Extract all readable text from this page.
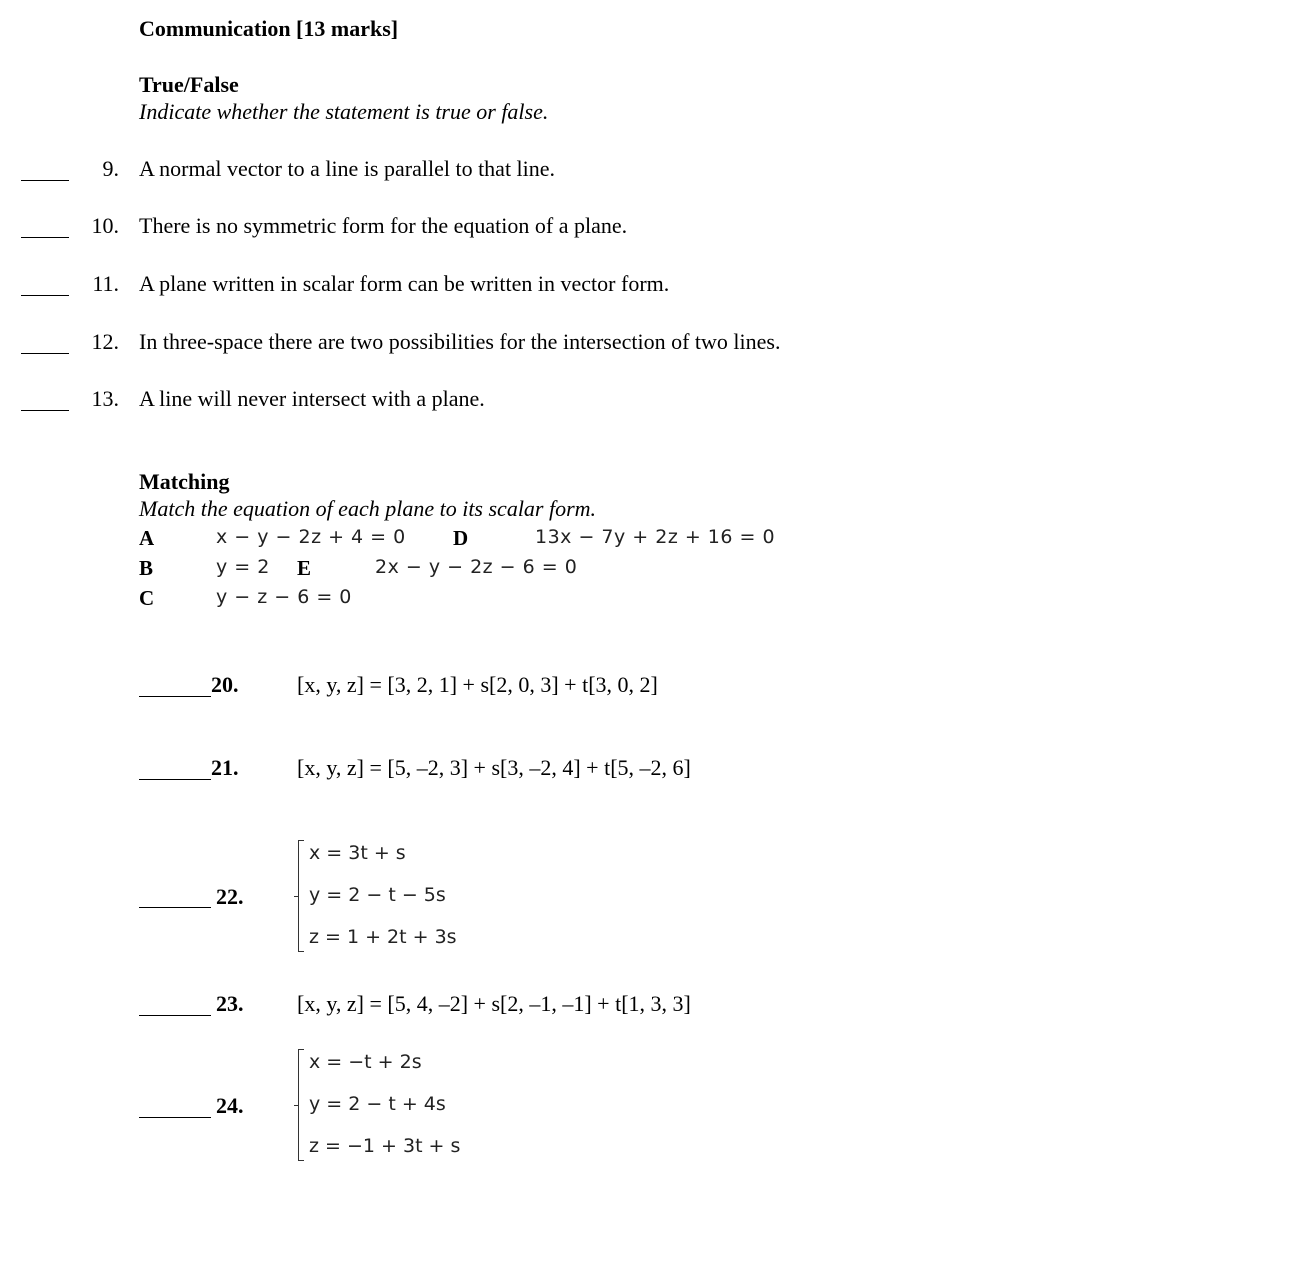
Communication [13 marks]
True/False
Indicate whether the statement is true or false.
9. A normal vector to a line is parallel to that line.
10. There is no symmetric form for the equation of a plane.
11. A plane written in scalar form can be written in vector form.
12. In three-space there are two possibilities for the intersection of two lines.
13. A line will never intersect with a plane.
Matching
Match the equation of each plane to its scalar form.
A	x − y − 2z + 4 = 0 D	13x − 7y + 2z + 16 = 0
B	y = 2 E	2x − y − 2z − 6 = 0
C	y − z − 6 = 0
20.	[x, y, z] = [3, 2, 1] + s[2, 0, 3] + t[3, 0, 2]
21.	[x, y, z] = [5, –2, 3] + s[3, –2, 4] + t[5, –2, 6]
22.
x = 3t + s
y = 2 − t − 5s
z = 1 + 2t + 3s
23. [x, y, z] = [5, 4, –2] + s[2, –1, –1] + t[1, 3, 3]
24.
x = −t + 2s
y = 2 − t + 4s
z = −1 + 3t + s
